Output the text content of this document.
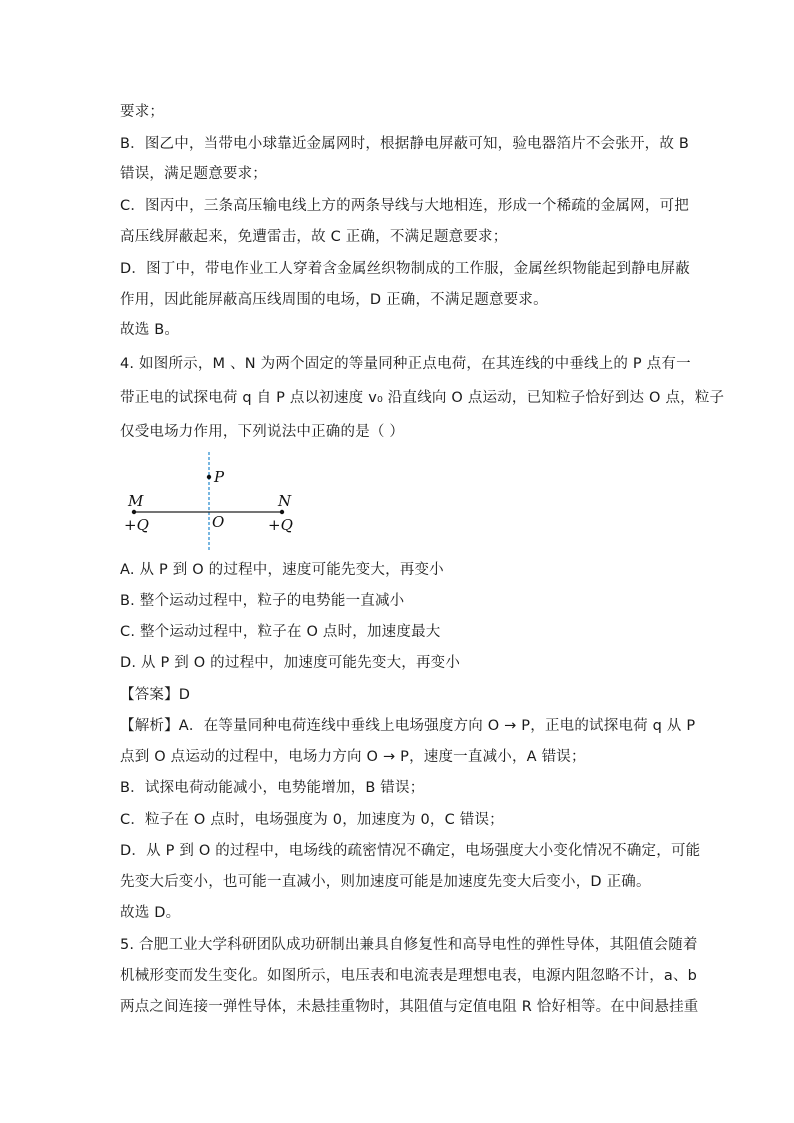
要求；
B．图乙中，当带电小球靠近金属网时，根据静电屏蔽可知，验电器箔片不会张开，故 B
错误，满足题意要求；
C．图丙中，三条高压输电线上方的两条导线与大地相连，形成一个稀疏的金属网，可把
高压线屏蔽起来，免遭雷击，故 C 正确，不满足题意要求；
D．图丁中，带电作业工人穿着含金属丝织物制成的工作服，金属丝织物能起到静电屏蔽
作用，因此能屏蔽高压线周围的电场，D 正确，不满足题意要求。
故选 B。
4. 如图所示，M 、N 为两个固定的等量同种正点电荷，在其连线的中垂线上的 P 点有一
带正电的试探电荷 q 自 P 点以初速度 v₀ 沿直线向 O 点运动，已知粒子恰好到达 O 点，粒子
仅受电场力作用，下列说法中正确的是（ ）
P
M	N
O
+Q	+Q
A. 从 P 到 O 的过程中，速度可能先变大，再变小
B. 整个运动过程中，粒子的电势能一直减小
C. 整个运动过程中，粒子在 O 点时，加速度最大
D. 从 P 到 O 的过程中，加速度可能先变大，再变小
【答案】D
【解析】A．在等量同种电荷连线中垂线上电场强度方向 O → P，正电的试探电荷 q 从 P
点到 O 点运动的过程中，电场力方向 O → P，速度一直减小，A 错误；
B．试探电荷动能减小，电势能增加，B 错误；
C．粒子在 O 点时，电场强度为 0，加速度为 0，C 错误；
D．从 P 到 O 的过程中，电场线的疏密情况不确定，电场强度大小变化情况不确定，可能
先变大后变小，也可能一直减小，则加速度可能是加速度先变大后变小，D 正确。
故选 D。
5. 合肥工业大学科研团队成功研制出兼具自修复性和高导电性的弹性导体，其阻值会随着
机械形变而发生变化。如图所示，电压表和电流表是理想电表，电源内阻忽略不计，a、b
两点之间连接一弹性导体，未悬挂重物时，其阻值与定值电阻 R 恰好相等。在中间悬挂重
